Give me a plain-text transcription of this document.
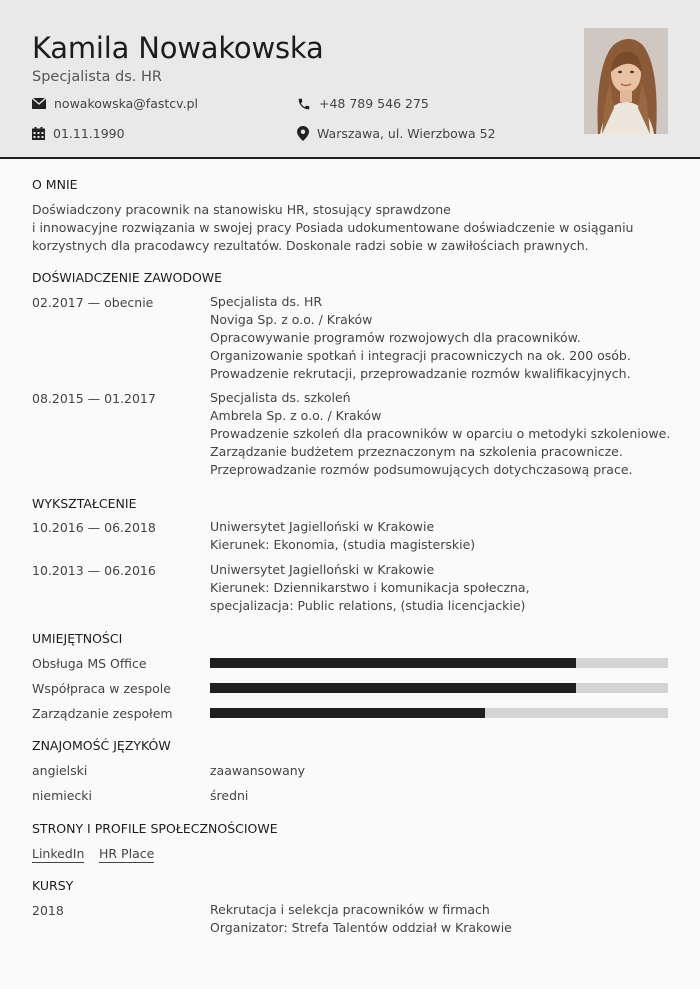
Kamila Nowakowska
Specjalista ds. HR
nowakowska@fastcv.pl	+48 789 546 275
01.11.1990	Warszawa, ul. Wierzbowa 52
O MNIE
Doświadczony pracownik na stanowisku HR, stosujący sprawdzone
i innowacyjne rozwiązania w swojej pracy Posiada udokumentowane doświadczenie w osiąganiu
korzystnych dla pracodawcy rezultatów. Doskonale radzi sobie w zawiłościach prawnych.
DOŚWIADCZENIE ZAWODOWE
02.2017 — obecnie	Specjalista ds. HR
Noviga Sp. z o.o. / Kraków
Opracowywanie programów rozwojowych dla pracowników.
Organizowanie spotkań i integracji pracowniczych na ok. 200 osób.
Prowadzenie rekrutacji, przeprowadzanie rozmów kwalifikacyjnych.
08.2015 — 01.2017	Specjalista ds. szkoleń
Ambrela Sp. z o.o. / Kraków
Prowadzenie szkoleń dla pracowników w oparciu o metodyki szkoleniowe.
Zarządzanie budżetem przeznaczonym na szkolenia pracownicze.
Przeprowadzanie rozmów podsumowujących dotychczasową prace.
WYKSZTAŁCENIE
10.2016 — 06.2018	Uniwersytet Jagielloński w Krakowie
Kierunek: Ekonomia, (studia magisterskie)
10.2013 — 06.2016	Uniwersytet Jagielloński w Krakowie
Kierunek: Dziennikarstwo i komunikacja społeczna,
specjalizacja: Public relations, (studia licencjackie)
UMIEJĘTNOŚCI
Obsługa MS Office
Współpraca w zespole
Zarządzanie zespołem
ZNAJOMOŚĆ JĘZYKÓW
angielski	zaawansowany
niemiecki	średni
STRONY I PROFILE SPOŁECZNOŚCIOWE
LinkedIn HR Place
KURSY
2018	Rekrutacja i selekcja pracowników w firmach
Organizator: Strefa Talentów oddział w Krakowie
